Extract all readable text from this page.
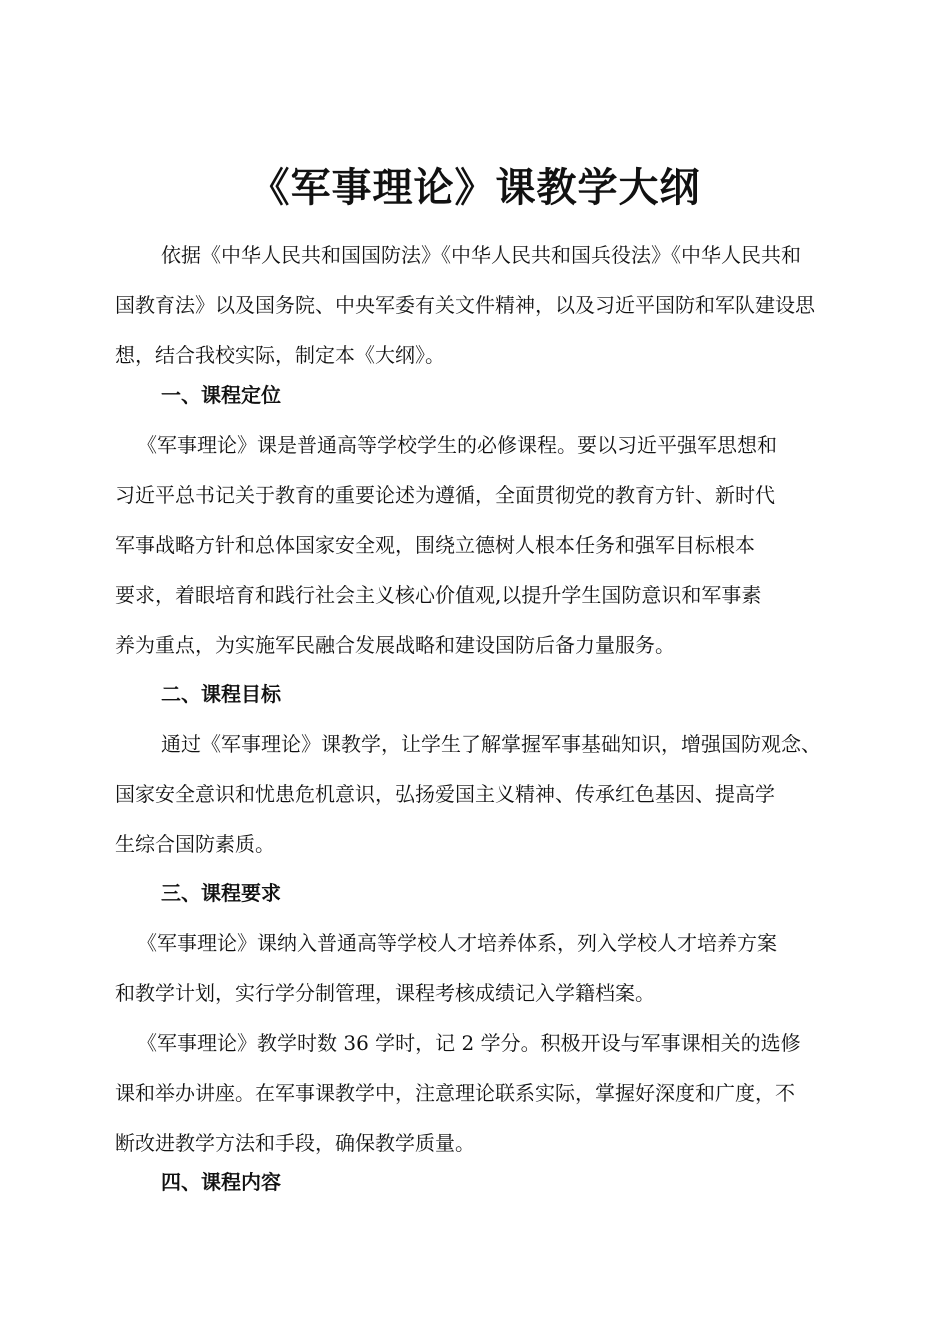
《军事理论》课教学大纲
依据《中华人民共和国国防法》《中华人民共和国兵役法》《中华人民共和
国教育法》以及国务院、中央军委有关文件精神，以及习近平国防和军队建设思
想，结合我校实际，制定本《大纲》。
一、课程定位
《军事理论》课是普通高等学校学生的必修课程。要以习近平强军思想和
习近平总书记关于教育的重要论述为遵循，全面贯彻党的教育方针、新时代
军事战略方针和总体国家安全观，围绕立德树人根本任务和强军目标根本
要求，着眼培育和践行社会主义核心价值观,以提升学生国防意识和军事素
养为重点，为实施军民融合发展战略和建设国防后备力量服务。
二、课程目标
通过《军事理论》课教学，让学生了解掌握军事基础知识，增强国防观念、
国家安全意识和忧患危机意识，弘扬爱国主义精神、传承红色基因、提高学
生综合国防素质。
三、课程要求
《军事理论》课纳入普通高等学校人才培养体系，列入学校人才培养方案
和教学计划，实行学分制管理，课程考核成绩记入学籍档案。
《军事理论》教学时数 36 学时，记 2 学分。积极开设与军事课相关的选修
课和举办讲座。在军事课教学中，注意理论联系实际，掌握好深度和广度，不
断改进教学方法和手段，确保教学质量。
四、课程内容
